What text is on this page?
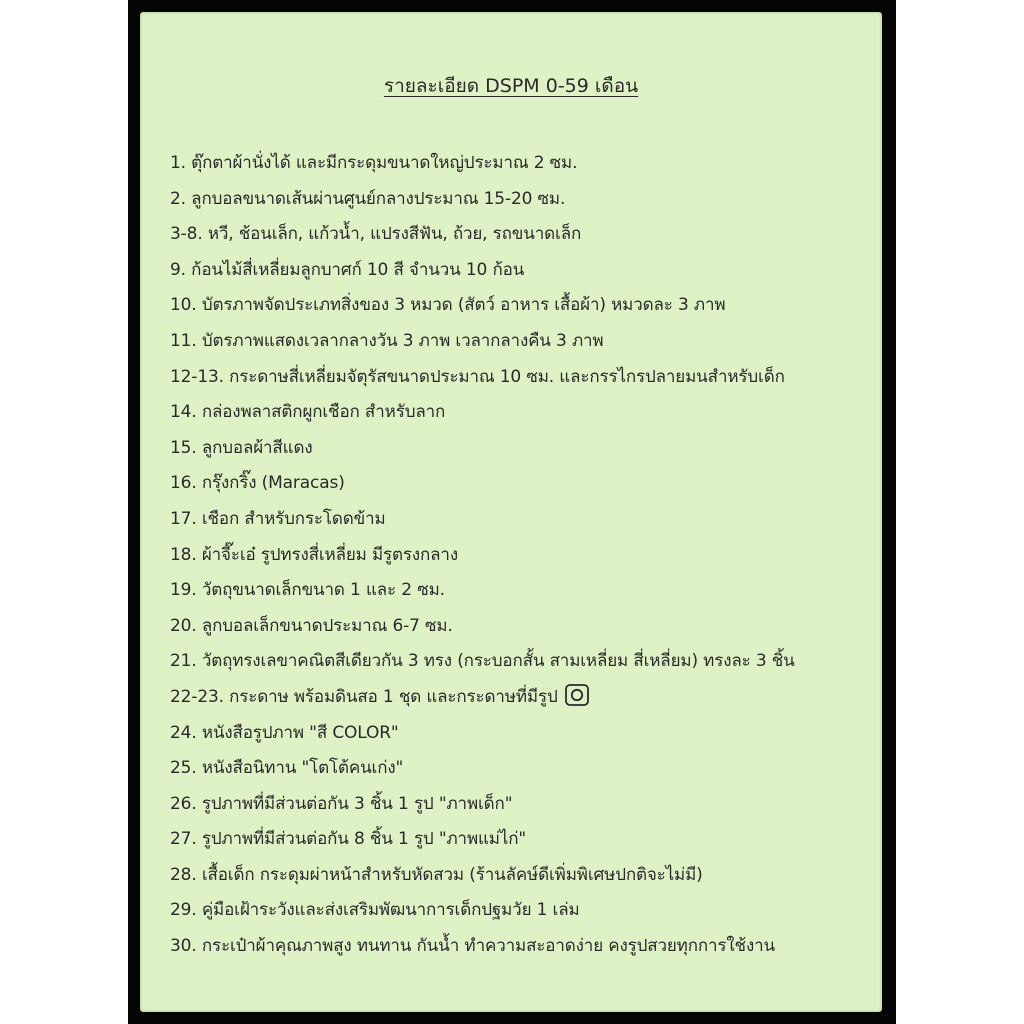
รายละเอียด DSPM 0-59 เดือน
1. ตุ๊กตาผ้านั่งได้ และมีกระดุมขนาดใหญ่ประมาณ 2 ซม.
2. ลูกบอลขนาดเส้นผ่านศูนย์กลางประมาณ 15-20 ซม.
3-8. หวี, ช้อนเล็ก, แก้วน้ำ, แปรงสีฟัน, ถ้วย, รถขนาดเล็ก
9. ก้อนไม้สี่เหลี่ยมลูกบาศก์ 10 สี จำนวน 10 ก้อน
10. บัตรภาพจัดประเภทสิ่งของ 3 หมวด (สัตว์ อาหาร เสื้อผ้า) หมวดละ 3 ภาพ
11. บัตรภาพแสดงเวลากลางวัน 3 ภาพ เวลากลางคืน 3 ภาพ
12-13. กระดาษสี่เหลี่ยมจัตุรัสขนาดประมาณ 10 ซม. และกรรไกรปลายมนสำหรับเด็ก
14. กล่องพลาสติกผูกเชือก สำหรับลาก
15. ลูกบอลผ้าสีแดง
16. กรุ๊งกริ๊ง (Maracas)
17. เชือก สำหรับกระโดดข้าม
18. ผ้าจี๊ะเอ๋ รูปทรงสี่เหลี่ยม มีรูตรงกลาง
19. วัตถุขนาดเล็กขนาด 1 และ 2 ซม.
20. ลูกบอลเล็กขนาดประมาณ 6-7 ซม.
21. วัตถุทรงเลขาคณิตสีเดียวกัน 3 ทรง (กระบอกสั้น สามเหลี่ยม สี่เหลี่ยม) ทรงละ 3 ชิ้น
22-23. กระดาษ พร้อมดินสอ 1 ชุด และกระดาษที่มีรูป
24. หนังสือรูปภาพ "สี COLOR"
25. หนังสือนิทาน "โตโต้คนเก่ง"
26. รูปภาพที่มีส่วนต่อกัน 3 ชิ้น 1 รูป "ภาพเด็ก"
27. รูปภาพที่มีส่วนต่อกัน 8 ชิ้น 1 รูป "ภาพแม่ไก่"
28. เสื้อเด็ก กระดุมผ่าหน้าสำหรับหัดสวม (ร้านลัคษ์ดีเพิ่มพิเศษปกติจะไม่มี)
29. คู่มือเฝ้าระวังและส่งเสริมพัฒนาการเด็กปฐมวัย 1 เล่ม
30. กระเป๋าผ้าคุณภาพสูง ทนทาน กันน้ำ ทำความสะอาดง่าย คงรูปสวยทุกการใช้งาน
